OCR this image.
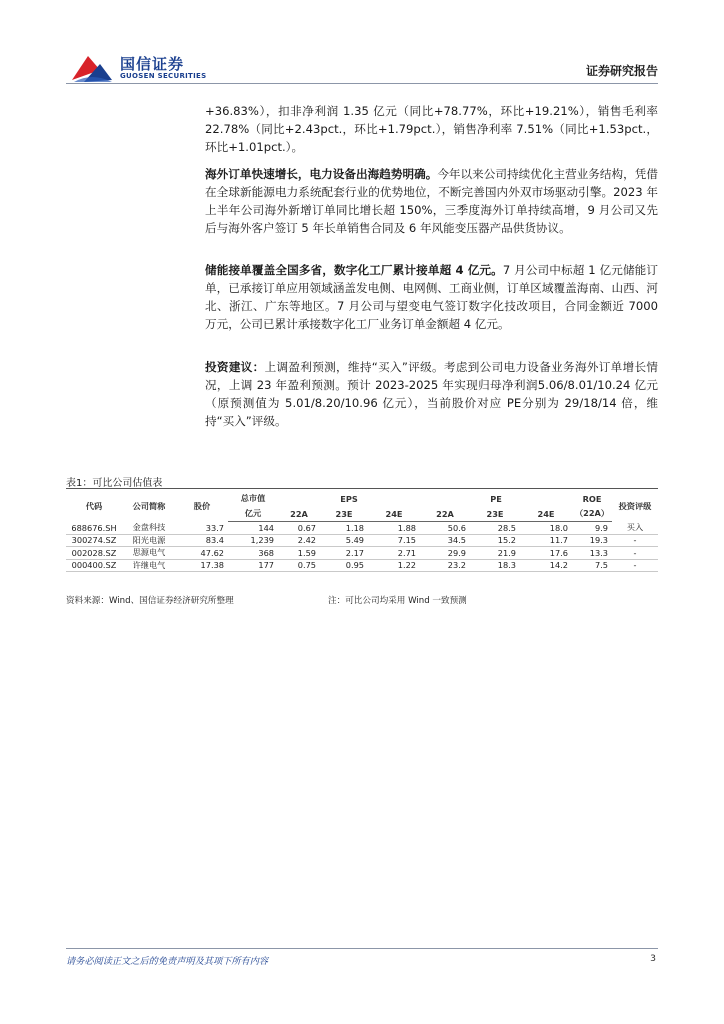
国信证券
GUOSEN SECURITIES	证券研究报告
+36.83%），扣非净利润 1.35 亿元（同比+78.77%，环比+19.21%），销售毛利率22.78%（同比+2.43pct.，环比+1.79pct.），销售净利率 7.51%（同比+1.53pct.，环比+1.01pct.）。
海外订单快速增长，电力设备出海趋势明确。今年以来公司持续优化主营业务结构，凭借在全球新能源电力系统配套行业的优势地位，不断完善国内外双市场驱动引擎。2023 年上半年公司海外新增订单同比增长超 150%，三季度海外订单持续高增，9 月公司又先后与海外客户签订 5 年长单销售合同及 6 年风能变压器产品供货协议。
储能接单覆盖全国多省，数字化工厂累计接单超 4 亿元。7 月公司中标超 1 亿元储能订单，已承接订单应用领域涵盖发电侧、电网侧、工商业侧，订单区域覆盖海南、山西、河北、浙江、广东等地区。7 月公司与望变电气签订数字化技改项目，合同金额近 7000 万元，公司已累计承接数字化工厂业务订单金额超 4 亿元。
投资建议：上调盈利预测，维持“买入”评级。考虑到公司电力设备业务海外订单增长情况，上调 23 年盈利预测。预计 2023-2025 年实现归母净利润5.06/8.01/10.24 亿元（原预测值为 5.01/8.20/10.96 亿元），当前股价对应 PE分别为 29/18/14 倍，维持“买入”评级。
表1：可比公司估值表
代码	公司简称	股价	总市值	EPS			PE			ROE	投资评级
			亿元	22A	23E	24E	22A	23E	24E	（22A）	
688676.SH	金盘科技	33.7	144	0.67	1.18	1.88	50.6	28.5	18.0	9.9	买入
300274.SZ	阳光电源	83.4	1,239	2.42	5.49	7.15	34.5	15.2	11.7	19.3	-
002028.SZ	思源电气	47.62	368	1.59	2.17	2.71	29.9	21.9	17.6	13.3	-
000400.SZ	许继电气	17.38	177	0.75	0.95	1.22	23.2	18.3	14.2	7.5	-
资料来源：Wind、国信证券经济研究所整理	注：可比公司均采用 Wind 一致预测
请务必阅读正文之后的免责声明及其项下所有内容	3
